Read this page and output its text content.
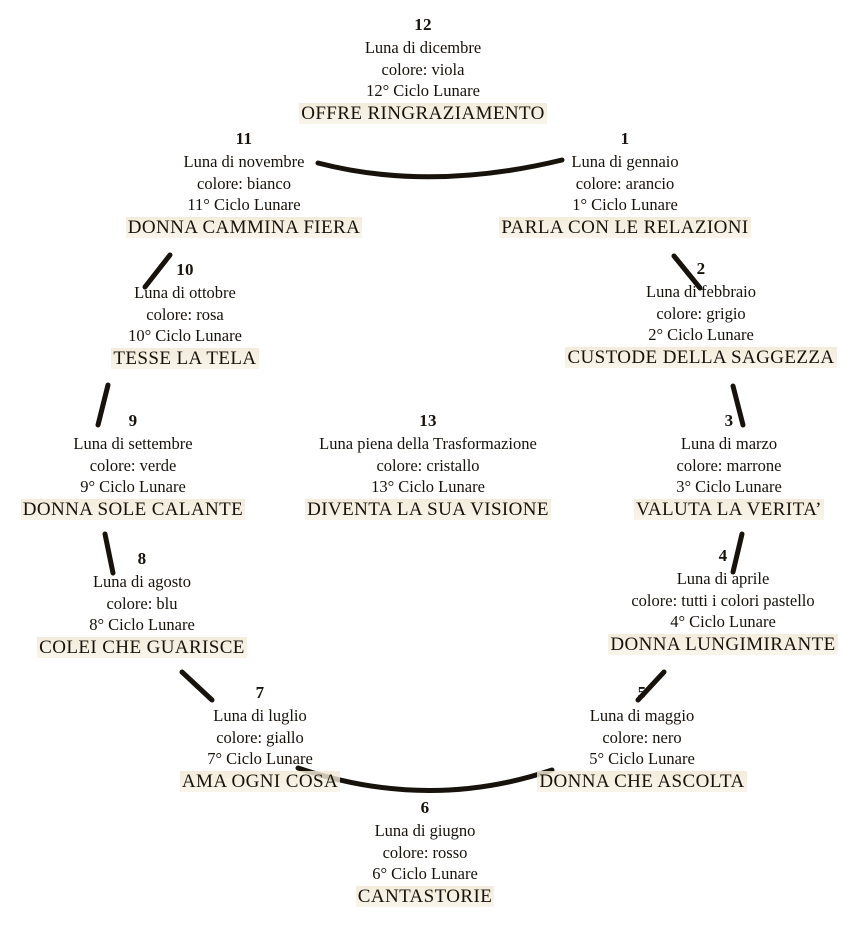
12
Luna di dicembre
colore: viola
12° Ciclo Lunare
OFFRE RINGRAZIAMENTO
11
Luna di novembre
colore: bianco
11° Ciclo Lunare
DONNA CAMMINA FIERA
10
Luna di ottobre
colore: rosa
10° Ciclo Lunare
TESSE LA TELA
9
Luna di settembre
colore: verde
9° Ciclo Lunare
DONNA SOLE CALANTE
8
Luna di agosto
colore: blu
8° Ciclo Lunare
COLEI CHE GUARISCE
7
Luna di luglio
colore: giallo
7° Ciclo Lunare
AMA OGNI COSA
6
Luna di giugno
colore: rosso
6° Ciclo Lunare
CANTASTORIE
5
Luna di maggio
colore: nero
5° Ciclo Lunare
DONNA CHE ASCOLTA
4
Luna di aprile
colore: tutti i colori pastello
4° Ciclo Lunare
DONNA LUNGIMIRANTE
3
Luna di marzo
colore: marrone
3° Ciclo Lunare
VALUTA LA VERITA’
2
Luna di febbraio
colore: grigio
2° Ciclo Lunare
CUSTODE DELLA SAGGEZZA
1
Luna di gennaio
colore: arancio
1° Ciclo Lunare
PARLA CON LE RELAZIONI
13
Luna piena della Trasformazione
colore: cristallo
13° Ciclo Lunare
DIVENTA LA SUA VISIONE
